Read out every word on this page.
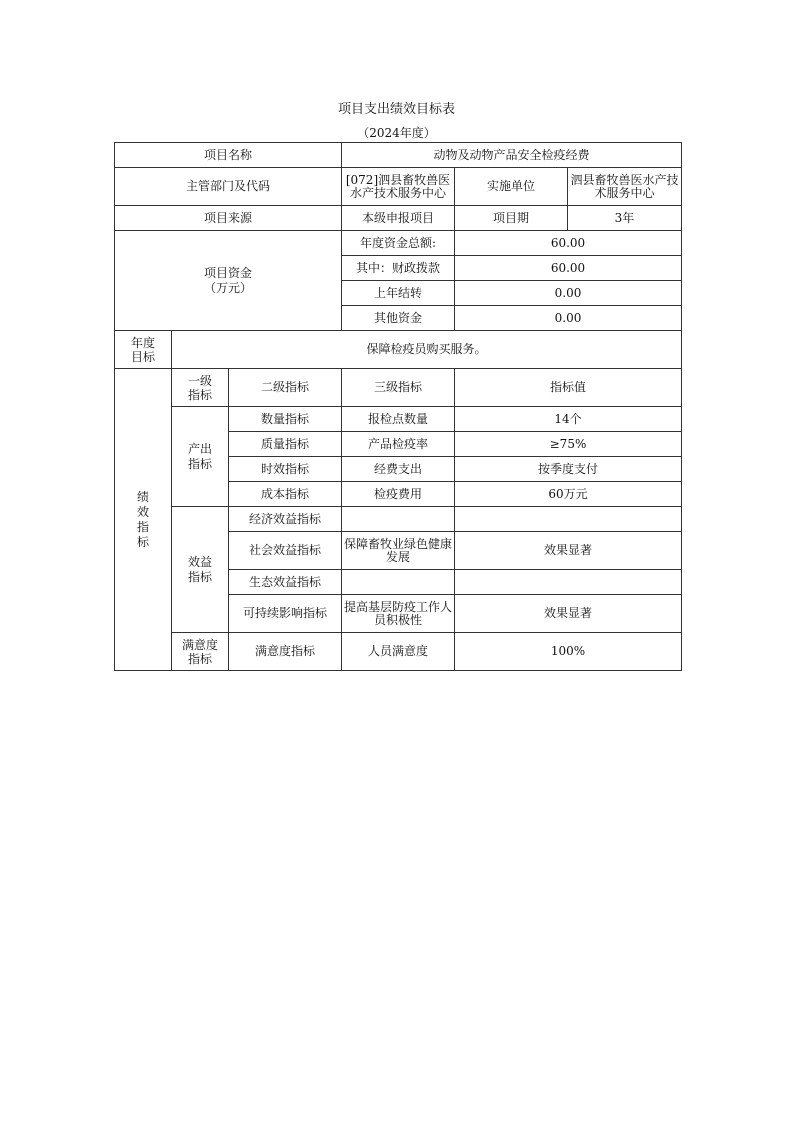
项目支出绩效目标表
（2024年度）
项目名称			动物及动物产品安全检疫经费		
主管部门及代码			[072]泗县畜牧兽医水产技术服务中心	实施单位	泗县畜牧兽医水产技术服务中心
项目来源			本级申报项目	项目期	3年
项目资金（万元）			年度资金总额:	60.00	
			其中：财政拨款	60.00	
			上年结转	0.00	
			其他资金	0.00	
年度目标	保障检疫员购买服务。				
绩效指标	一级指标	二级指标	三级指标	指标值	
	产出指标	数量指标	报检点数量	14个	
		质量指标	产品检疫率	≥75%	
		时效指标	经费支出	按季度支付	
		成本指标	检疫费用	60万元	
	效益指标	经济效益指标			
		社会效益指标	保障畜牧业绿色健康发展	效果显著	
		生态效益指标			
		可持续影响指标	提高基层防疫工作人员积极性	效果显著	
	满意度指标	满意度指标	人员满意度	100%	
